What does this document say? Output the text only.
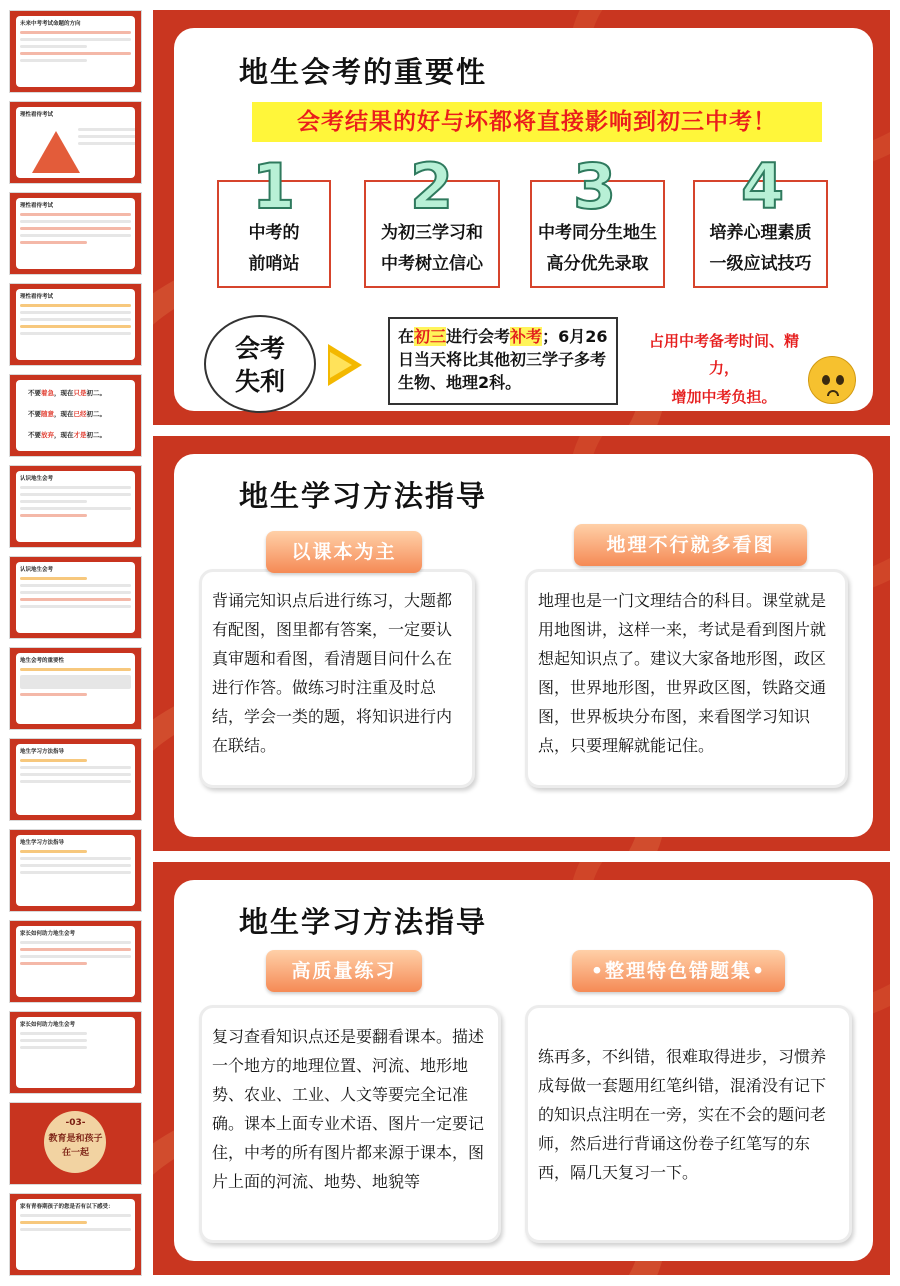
未来中考考试命题的方向
理性看待考试
理性看待考试
理性看待考试
不要着急，现在只是初二。
不要随意，现在已经初二。
不要放弃，现在才是初二。
认识地生会考
认识地生会考
地生会考的重要性
地生学习方法指导
地生学习方法指导
家长如何助力地生会考
家长如何助力地生会考
-03-
教育是和孩子
在一起
家有青春期孩子的您是否有以下感受：
地生会考的重要性
会考结果的好与坏都将直接影响到初三中考！
1
中考的
前哨站
2
为初三学习和
中考树立信心
3
中考同分生地生
高分优先录取
4
培养心理素质
一级应试技巧
会考
失利
在初三进行会考补考；6月26日当天将比其他初三学子多考生物、地理2科。
占用中考备考时间、精力，
增加中考负担。
地生学习方法指导
以课本为主
背诵完知识点后进行练习，大题都有配图，图里都有答案，一定要认真审题和看图，看清题目问什么在进行作答。做练习时注重及时总结，学会一类的题，将知识进行内在联结。
地理不行就多看图
地理也是一门文理结合的科目。课堂就是用地图讲，这样一来，考试是看到图片就想起知识点了。建议大家备地形图，政区图，世界地形图，世界政区图，铁路交通图，世界板块分布图，来看图学习知识点，只要理解就能记住。
地生学习方法指导
高质量练习
复习查看知识点还是要翻看课本。描述一个地方的地理位置、河流、地形地势、农业、工业、人文等要完全记准确。课本上面专业术语、图片一定要记住，中考的所有图片都来源于课本，图片上面的河流、地势、地貌等
•整理特色错题集•
练再多，不纠错，很难取得进步，习惯养成每做一套题用红笔纠错，混淆没有记下的知识点注明在一旁，实在不会的题问老师，然后进行背诵这份卷子红笔写的东西，隔几天复习一下。
